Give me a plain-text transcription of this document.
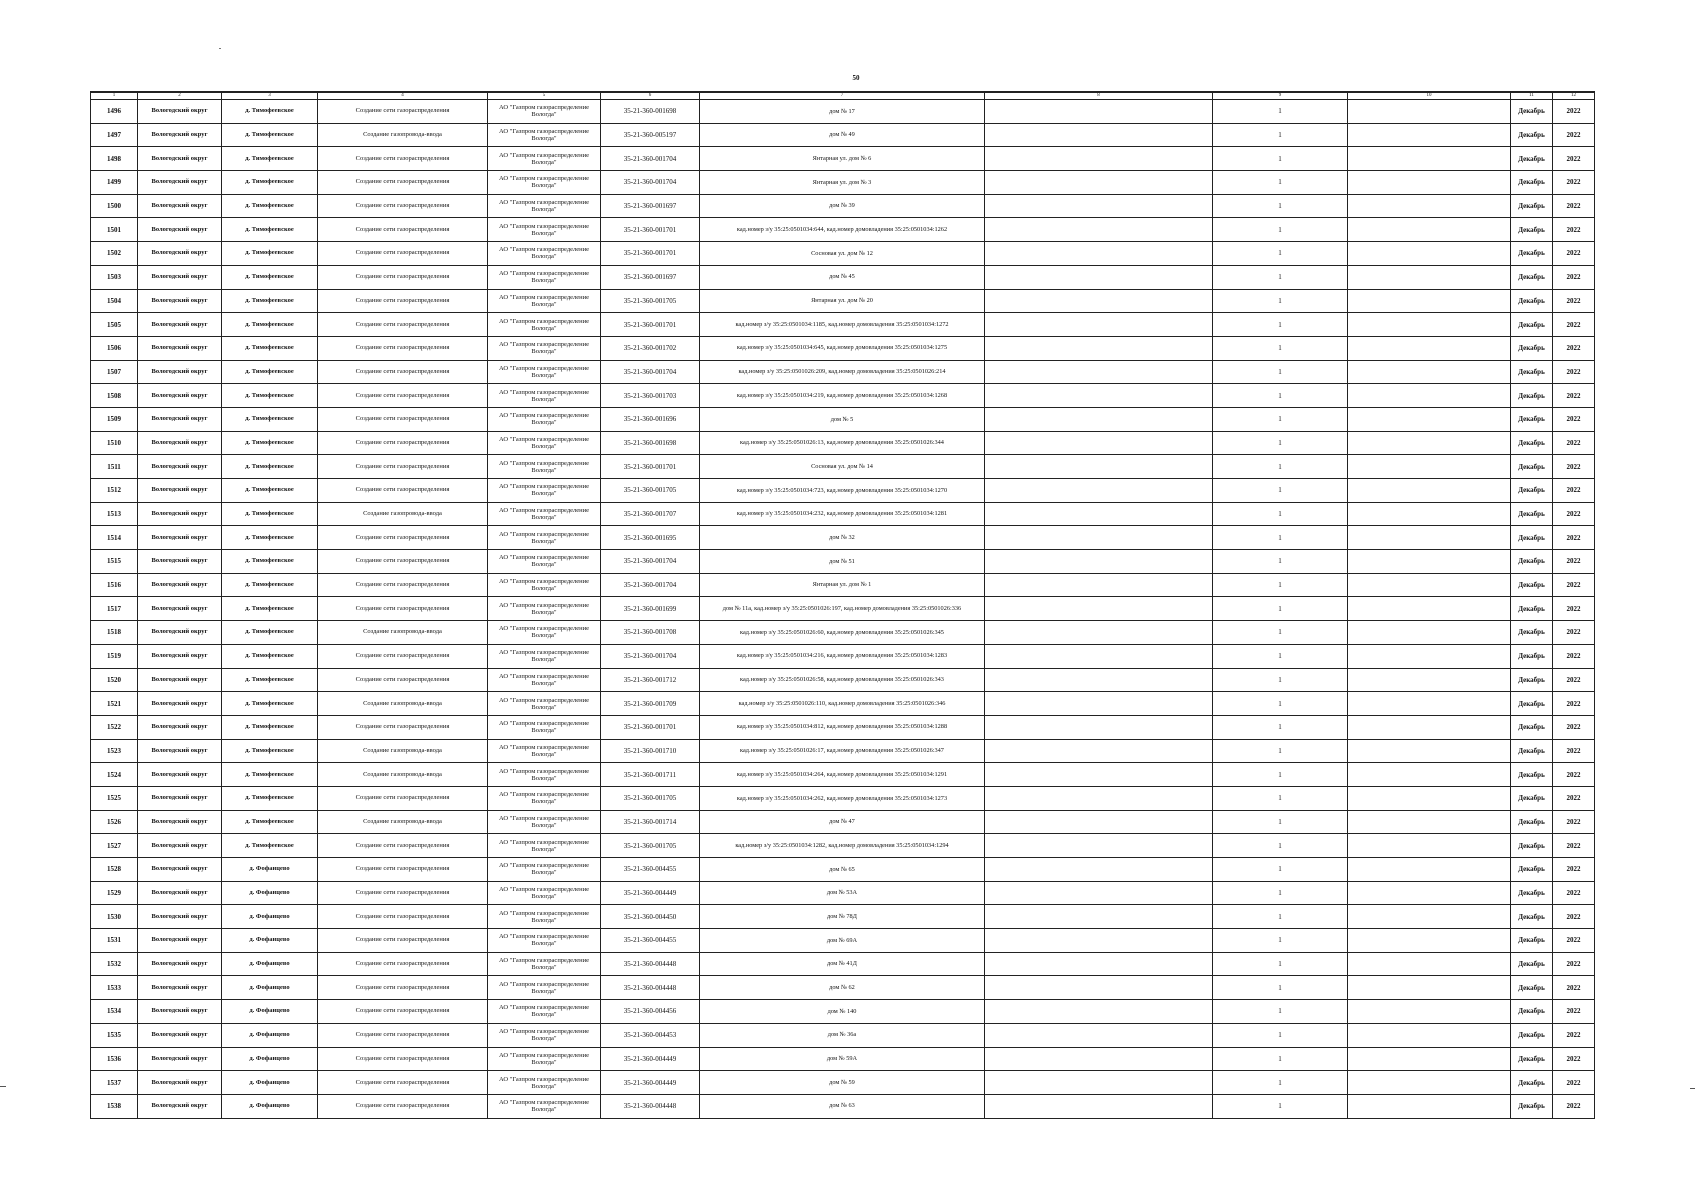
50
1	2	3	4	5	6	7	8	9	10	11	12
1496	Вологодский округ	д. Тимофеевское	Создание сети газораспределения	АО "Газпром газораспределение Вологда"	35-21-360-001698	дом № 17		1		Декабрь	2022
1497	Вологодский округ	д. Тимофеевское	Создание газопровода-ввода	АО "Газпром газораспределение Вологда"	35-21-360-005197	дом № 49		1		Декабрь	2022
1498	Вологодский округ	д. Тимофеевское	Создание сети газораспределения	АО "Газпром газораспределение Вологда"	35-21-360-001704	Янтарная ул. дом № 6		1		Декабрь	2022
1499	Вологодский округ	д. Тимофеевское	Создание сети газораспределения	АО "Газпром газораспределение Вологда"	35-21-360-001704	Янтарная ул. дом № 3		1		Декабрь	2022
1500	Вологодский округ	д. Тимофеевское	Создание сети газораспределения	АО "Газпром газораспределение Вологда"	35-21-360-001697	дом № 39		1		Декабрь	2022
1501	Вологодский округ	д. Тимофеевское	Создание сети газораспределения	АО "Газпром газораспределение Вологда"	35-21-360-001701	кад.номер з/у 35:25:0501034:644, кад.номер домовладения 35:25:0501034:1262		1		Декабрь	2022
1502	Вологодский округ	д. Тимофеевское	Создание сети газораспределения	АО "Газпром газораспределение Вологда"	35-21-360-001701	Сосновая ул. дом № 12		1		Декабрь	2022
1503	Вологодский округ	д. Тимофеевское	Создание сети газораспределения	АО "Газпром газораспределение Вологда"	35-21-360-001697	дом № 45		1		Декабрь	2022
1504	Вологодский округ	д. Тимофеевское	Создание сети газораспределения	АО "Газпром газораспределение Вологда"	35-21-360-001705	Янтарная ул. дом № 20		1		Декабрь	2022
1505	Вологодский округ	д. Тимофеевское	Создание сети газораспределения	АО "Газпром газораспределение Вологда"	35-21-360-001701	кад.номер з/у 35:25:0501034:1185, кад.номер домовладения 35:25:0501034:1272		1		Декабрь	2022
1506	Вологодский округ	д. Тимофеевское	Создание сети газораспределения	АО "Газпром газораспределение Вологда"	35-21-360-001702	кад.номер з/у 35:25:0501034:645, кад.номер домовладения 35:25:0501034:1275		1		Декабрь	2022
1507	Вологодский округ	д. Тимофеевское	Создание сети газораспределения	АО "Газпром газораспределение Вологда"	35-21-360-001704	кад.номер з/у 35:25:0501026:209, кад.номер домовладения 35:25:0501026:214		1		Декабрь	2022
1508	Вологодский округ	д. Тимофеевское	Создание сети газораспределения	АО "Газпром газораспределение Вологда"	35-21-360-001703	кад.номер з/у 35:25:0501034:219, кад.номер домовладения 35:25:0501034:1268		1		Декабрь	2022
1509	Вологодский округ	д. Тимофеевское	Создание сети газораспределения	АО "Газпром газораспределение Вологда"	35-21-360-001696	дом № 5		1		Декабрь	2022
1510	Вологодский округ	д. Тимофеевское	Создание сети газораспределения	АО "Газпром газораспределение Вологда"	35-21-360-001698	кад.номер з/у 35:25:0501026:13, кад.номер домовладения 35:25:0501026:344		1		Декабрь	2022
1511	Вологодский округ	д. Тимофеевское	Создание сети газораспределения	АО "Газпром газораспределение Вологда"	35-21-360-001701	Сосновая ул. дом № 14		1		Декабрь	2022
1512	Вологодский округ	д. Тимофеевское	Создание сети газораспределения	АО "Газпром газораспределение Вологда"	35-21-360-001705	кад.номер з/у 35:25:0501034:723, кад.номер домовладения 35:25:0501034:1270		1		Декабрь	2022
1513	Вологодский округ	д. Тимофеевское	Создание газопровода-ввода	АО "Газпром газораспределение Вологда"	35-21-360-001707	кад.номер з/у 35:25:0501034:232, кад.номер домовладения 35:25:0501034:1281		1		Декабрь	2022
1514	Вологодский округ	д. Тимофеевское	Создание сети газораспределения	АО "Газпром газораспределение Вологда"	35-21-360-001695	дом № 32		1		Декабрь	2022
1515	Вологодский округ	д. Тимофеевское	Создание сети газораспределения	АО "Газпром газораспределение Вологда"	35-21-360-001704	дом № 51		1		Декабрь	2022
1516	Вологодский округ	д. Тимофеевское	Создание сети газораспределения	АО "Газпром газораспределение Вологда"	35-21-360-001704	Янтарная ул. дом № 1		1		Декабрь	2022
1517	Вологодский округ	д. Тимофеевское	Создание сети газораспределения	АО "Газпром газораспределение Вологда"	35-21-360-001699	дом № 11а, кад.номер з/у 35:25:0501026:197, кад.номер домовладения 35:25:0501026:336		1		Декабрь	2022
1518	Вологодский округ	д. Тимофеевское	Создание газопровода-ввода	АО "Газпром газораспределение Вологда"	35-21-360-001708	кад.номер з/у 35:25:0501026:60, кад.номер домовладения 35:25:0501026:345		1		Декабрь	2022
1519	Вологодский округ	д. Тимофеевское	Создание сети газораспределения	АО "Газпром газораспределение Вологда"	35-21-360-001704	кад.номер з/у 35:25:0501034:216, кад.номер домовладения 35:25:0501034:1283		1		Декабрь	2022
1520	Вологодский округ	д. Тимофеевское	Создание сети газораспределения	АО "Газпром газораспределение Вологда"	35-21-360-001712	кад.номер з/у 35:25:0501026:58, кад.номер домовладения 35:25:0501026:343		1		Декабрь	2022
1521	Вологодский округ	д. Тимофеевское	Создание газопровода-ввода	АО "Газпром газораспределение Вологда"	35-21-360-001709	кад.номер з/у 35:25:0501026:110, кад.номер домовладения 35:25:0501026:346		1		Декабрь	2022
1522	Вологодский округ	д. Тимофеевское	Создание сети газораспределения	АО "Газпром газораспределение Вологда"	35-21-360-001701	кад.номер з/у 35:25:0501034:812, кад.номер домовладения 35:25:0501034:1288		1		Декабрь	2022
1523	Вологодский округ	д. Тимофеевское	Создание газопровода-ввода	АО "Газпром газораспределение Вологда"	35-21-360-001710	кад.номер з/у 35:25:0501026:17, кад.номер домовладения 35:25:0501026:347		1		Декабрь	2022
1524	Вологодский округ	д. Тимофеевское	Создание газопровода-ввода	АО "Газпром газораспределение Вологда"	35-21-360-001711	кад.номер з/у 35:25:0501034:264, кад.номер домовладения 35:25:0501034:1291		1		Декабрь	2022
1525	Вологодский округ	д. Тимофеевское	Создание сети газораспределения	АО "Газпром газораспределение Вологда"	35-21-360-001705	кад.номер з/у 35:25:0501034:262, кад.номер домовладения 35:25:0501034:1273		1		Декабрь	2022
1526	Вологодский округ	д. Тимофеевское	Создание газопровода-ввода	АО "Газпром газораспределение Вологда"	35-21-360-001714	дом № 47		1		Декабрь	2022
1527	Вологодский округ	д. Тимофеевское	Создание сети газораспределения	АО "Газпром газораспределение Вологда"	35-21-360-001705	кад.номер з/у 35:25:0501034:1282, кад.номер домовладения 35:25:0501034:1294		1		Декабрь	2022
1528	Вологодский округ	д. Фофанцево	Создание сети газораспределения	АО "Газпром газораспределение Вологда"	35-21-360-004455	дом № 65		1		Декабрь	2022
1529	Вологодский округ	д. Фофанцево	Создание сети газораспределения	АО "Газпром газораспределение Вологда"	35-21-360-004449	дом № 53А		1		Декабрь	2022
1530	Вологодский округ	д. Фофанцево	Создание сети газораспределения	АО "Газпром газораспределение Вологда"	35-21-360-004450	дом № 78Д		1		Декабрь	2022
1531	Вологодский округ	д. Фофанцево	Создание сети газораспределения	АО "Газпром газораспределение Вологда"	35-21-360-004455	дом № 69А		1		Декабрь	2022
1532	Вологодский округ	д. Фофанцево	Создание сети газораспределения	АО "Газпром газораспределение Вологда"	35-21-360-004448	дом № 41Д		1		Декабрь	2022
1533	Вологодский округ	д. Фофанцево	Создание сети газораспределения	АО "Газпром газораспределение Вологда"	35-21-360-004448	дом № 62		1		Декабрь	2022
1534	Вологодский округ	д. Фофанцево	Создание сети газораспределения	АО "Газпром газораспределение Вологда"	35-21-360-004456	дом № 140		1		Декабрь	2022
1535	Вологодский округ	д. Фофанцево	Создание сети газораспределения	АО "Газпром газораспределение Вологда"	35-21-360-004453	дом № 36а		1		Декабрь	2022
1536	Вологодский округ	д. Фофанцево	Создание сети газораспределения	АО "Газпром газораспределение Вологда"	35-21-360-004449	дом № 59А		1		Декабрь	2022
1537	Вологодский округ	д. Фофанцево	Создание сети газораспределения	АО "Газпром газораспределение Вологда"	35-21-360-004449	дом № 59		1		Декабрь	2022
1538	Вологодский округ	д. Фофанцево	Создание сети газораспределения	АО "Газпром газораспределение Вологда"	35-21-360-004448	дом № 63		1		Декабрь	2022
